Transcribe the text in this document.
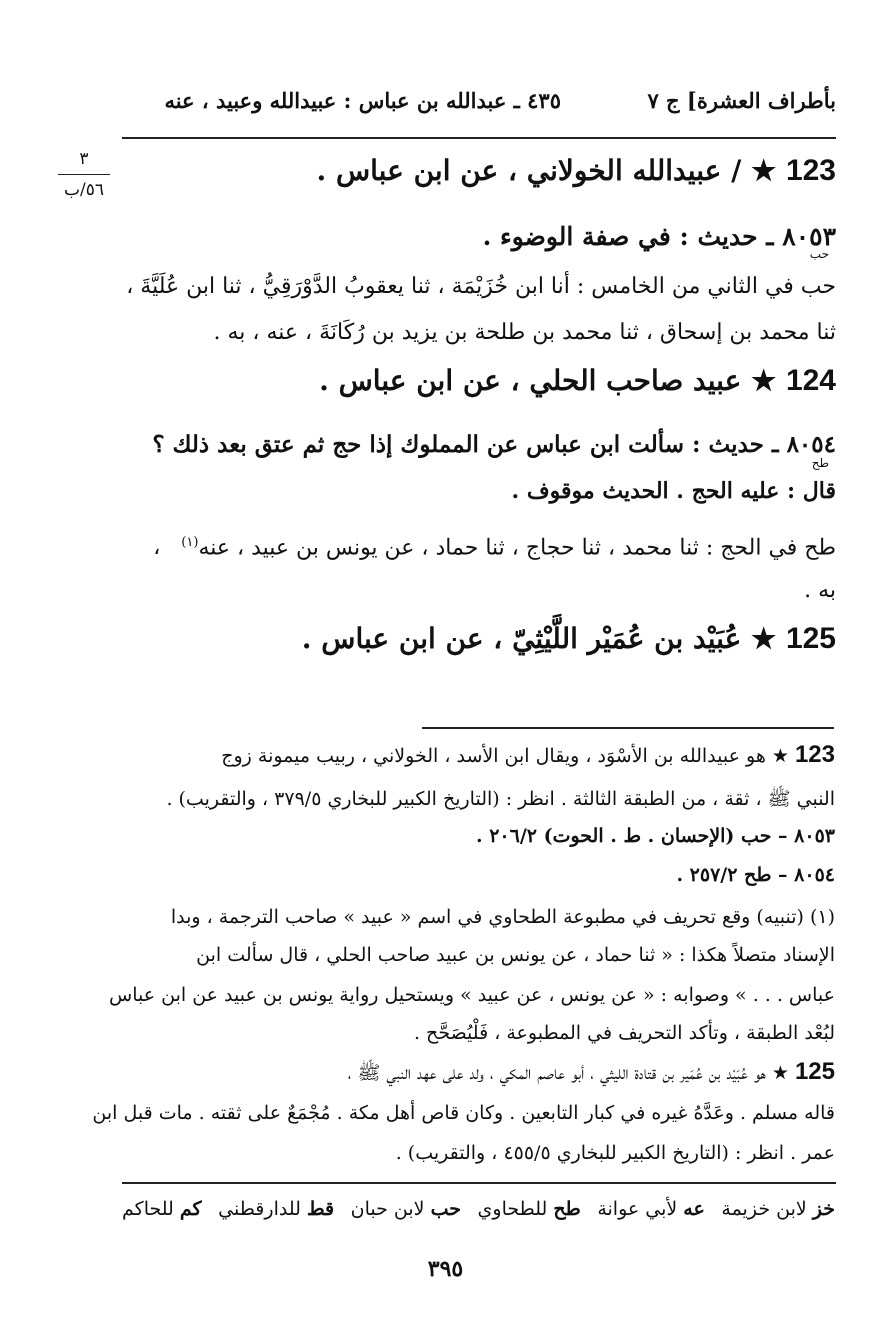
بأطراف العشرة] ج ٧
٤٣٥ ـ عبدالله بن عباس : عبيدالله وعبيد ، عنه
٣
٥٦/ب
123 ★ / عبيدالله الخولاني ، عن ابن عباس .
٨٠٥٣ ـ حديث : في صفة الوضوء .
حب
حب في الثاني من الخامس : أنا ابن خُزَيْمَة ، ثنا يعقوبُ الدَّوْرَقِيُّ ، ثنا ابن عُلَيَّةَ ،
ثنا محمد بن إسحاق ، ثنا محمد بن طلحة بن يزيد بن رُكَانَةَ ، عنه ، به .
124 ★ عبيد صاحب الحلي ، عن ابن عباس .
٨٠٥٤ ـ حديث : سألت ابن عباس عن المملوك إذا حج ثم عتق بعد ذلك ؟
طح
قال : عليه الحج . الحديث موقوف .
طح في الحج : ثنا محمد ، ثنا حجاج ، ثنا حماد ، عن يونس بن عبيد ، عنه$^{(١)}$ ،
به .
125 ★ عُبَيْد بن عُمَيْر اللَّيْثِيّ ، عن ابن عباس .
123 ★ هو عبيدالله بن الأسْوَد ، ويقال ابن الأسد ، الخولاني ، ربيب ميمونة زوج
النبي ﷺ ، ثقة ، من الطبقة الثالثة . انظر : (التاريخ الكبير للبخاري ٣٧٩/٥ ، والتقريب) .
٨٠٥٣ – حب (الإحسان . ط . الحوت) ٢٠٦/٢ .
٨٠٥٤ – طح ٢٥٧/٢ .
(١) (تنبيه) وقع تحريف في مطبوعة الطحاوي في اسم « عبيد » صاحب الترجمة ، وبدا
الإسناد متصلاً هكذا : « ثنا حماد ، عن يونس بن عبيد صاحب الحلي ، قال سألت ابن
عباس . . . » وصوابه : « عن يونس ، عن عبيد » ويستحيل رواية يونس بن عبيد عن ابن عباس
لبُعْد الطبقة ، وتأكد التحريف في المطبوعة ، فَلْيُصَحَّح .
125 ★ هو عُبَيْد بن عُمَير بن قتادة الليثي ، أبو عاصم المكي ، ولد على عهد النبي ﷺ ،
قاله مسلم . وعَدَّهُ غيره في كبار التابعين . وكان قاص أهل مكة . مُجْمَعٌ على ثقته . مات قبل ابن
عمر . انظر : (التاريخ الكبير للبخاري ٤٥٥/٥ ، والتقريب) .
خز لابن خزيمة
عه لأبي عوانة
طح للطحاوي
حب لابن حبان
قط للدارقطني
كم للحاكم
٣٩٥
